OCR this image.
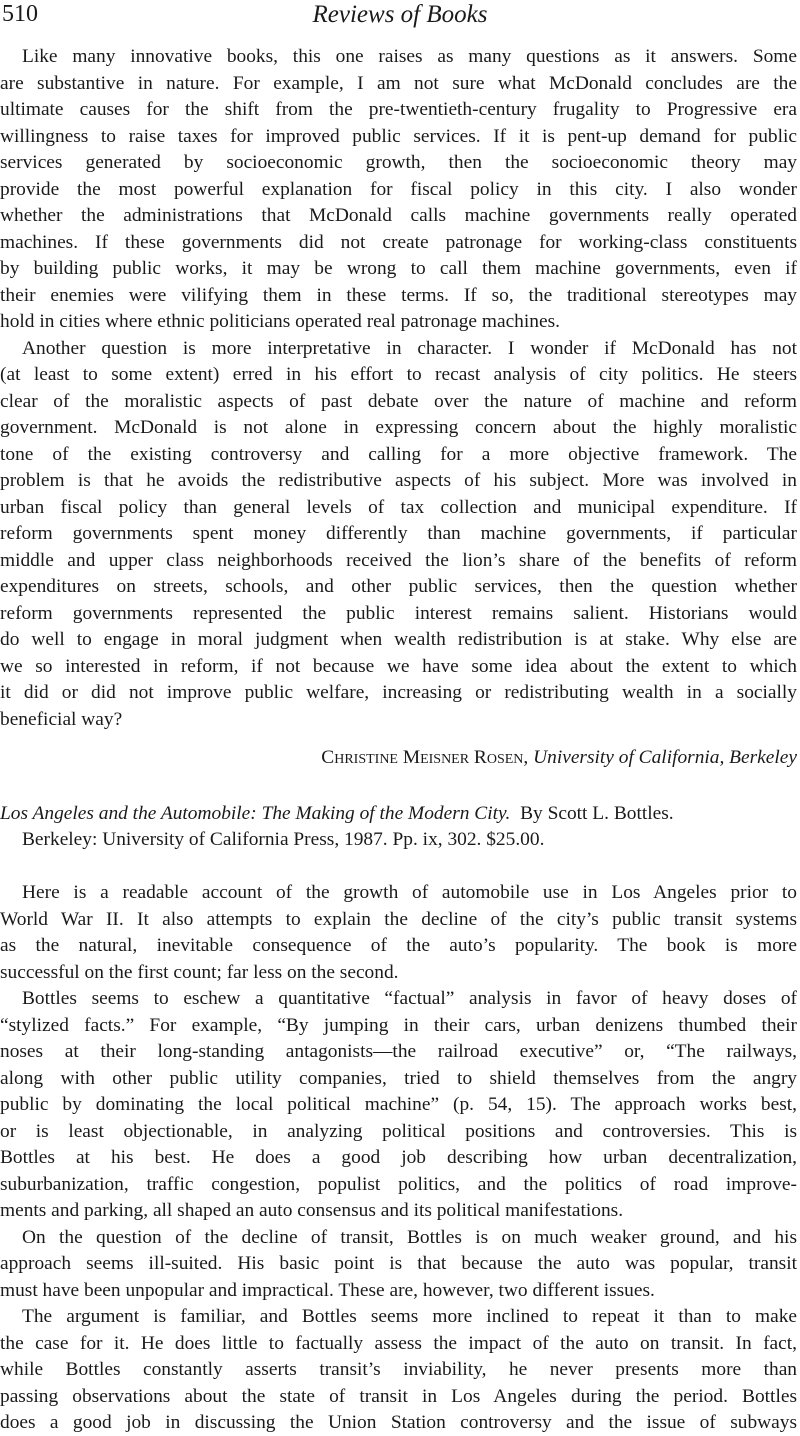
510	Reviews of Books
Like many innovative books, this one raises as many questions as it answers. Some
are substantive in nature. For example, I am not sure what McDonald concludes are the
ultimate causes for the shift from the pre-twentieth-century frugality to Progressive era
willingness to raise taxes for improved public services. If it is pent-up demand for public
services generated by socioeconomic growth, then the socioeconomic theory may
provide the most powerful explanation for fiscal policy in this city. I also wonder
whether the administrations that McDonald calls machine governments really operated
machines. If these governments did not create patronage for working-class constituents
by building public works, it may be wrong to call them machine governments, even if
their enemies were vilifying them in these terms. If so, the traditional stereotypes may
hold in cities where ethnic politicians operated real patronage machines.
Another question is more interpretative in character. I wonder if McDonald has not
(at least to some extent) erred in his effort to recast analysis of city politics. He steers
clear of the moralistic aspects of past debate over the nature of machine and reform
government. McDonald is not alone in expressing concern about the highly moralistic
tone of the existing controversy and calling for a more objective framework. The
problem is that he avoids the redistributive aspects of his subject. More was involved in
urban fiscal policy than general levels of tax collection and municipal expenditure. If
reform governments spent money differently than machine governments, if particular
middle and upper class neighborhoods received the lion’s share of the benefits of reform
expenditures on streets, schools, and other public services, then the question whether
reform governments represented the public interest remains salient. Historians would
do well to engage in moral judgment when wealth redistribution is at stake. Why else are
we so interested in reform, if not because we have some idea about the extent to which
it did or did not improve public welfare, increasing or redistributing wealth in a socially
beneficial way?
Christine Meisner Rosen, University of California, Berkeley
Los Angeles and the Automobile: The Making of the Modern City. By Scott L. Bottles.
Berkeley: University of California Press, 1987. Pp. ix, 302. $25.00.
Here is a readable account of the growth of automobile use in Los Angeles prior to
World War II. It also attempts to explain the decline of the city’s public transit systems
as the natural, inevitable consequence of the auto’s popularity. The book is more
successful on the first count; far less on the second.
Bottles seems to eschew a quantitative “factual” analysis in favor of heavy doses of
“stylized facts.” For example, “By jumping in their cars, urban denizens thumbed their
noses at their long-standing antagonists—the railroad executive” or, “The railways,
along with other public utility companies, tried to shield themselves from the angry
public by dominating the local political machine” (p. 54, 15). The approach works best,
or is least objectionable, in analyzing political positions and controversies. This is
Bottles at his best. He does a good job describing how urban decentralization,
suburbanization, traffic congestion, populist politics, and the politics of road improve-
ments and parking, all shaped an auto consensus and its political manifestations.
On the question of the decline of transit, Bottles is on much weaker ground, and his
approach seems ill-suited. His basic point is that because the auto was popular, transit
must have been unpopular and impractical. These are, however, two different issues.
The argument is familiar, and Bottles seems more inclined to repeat it than to make
the case for it. He does little to factually assess the impact of the auto on transit. In fact,
while Bottles constantly asserts transit’s inviability, he never presents more than
passing observations about the state of transit in Los Angeles during the period. Bottles
does a good job in discussing the Union Station controversy and the issue of subways
